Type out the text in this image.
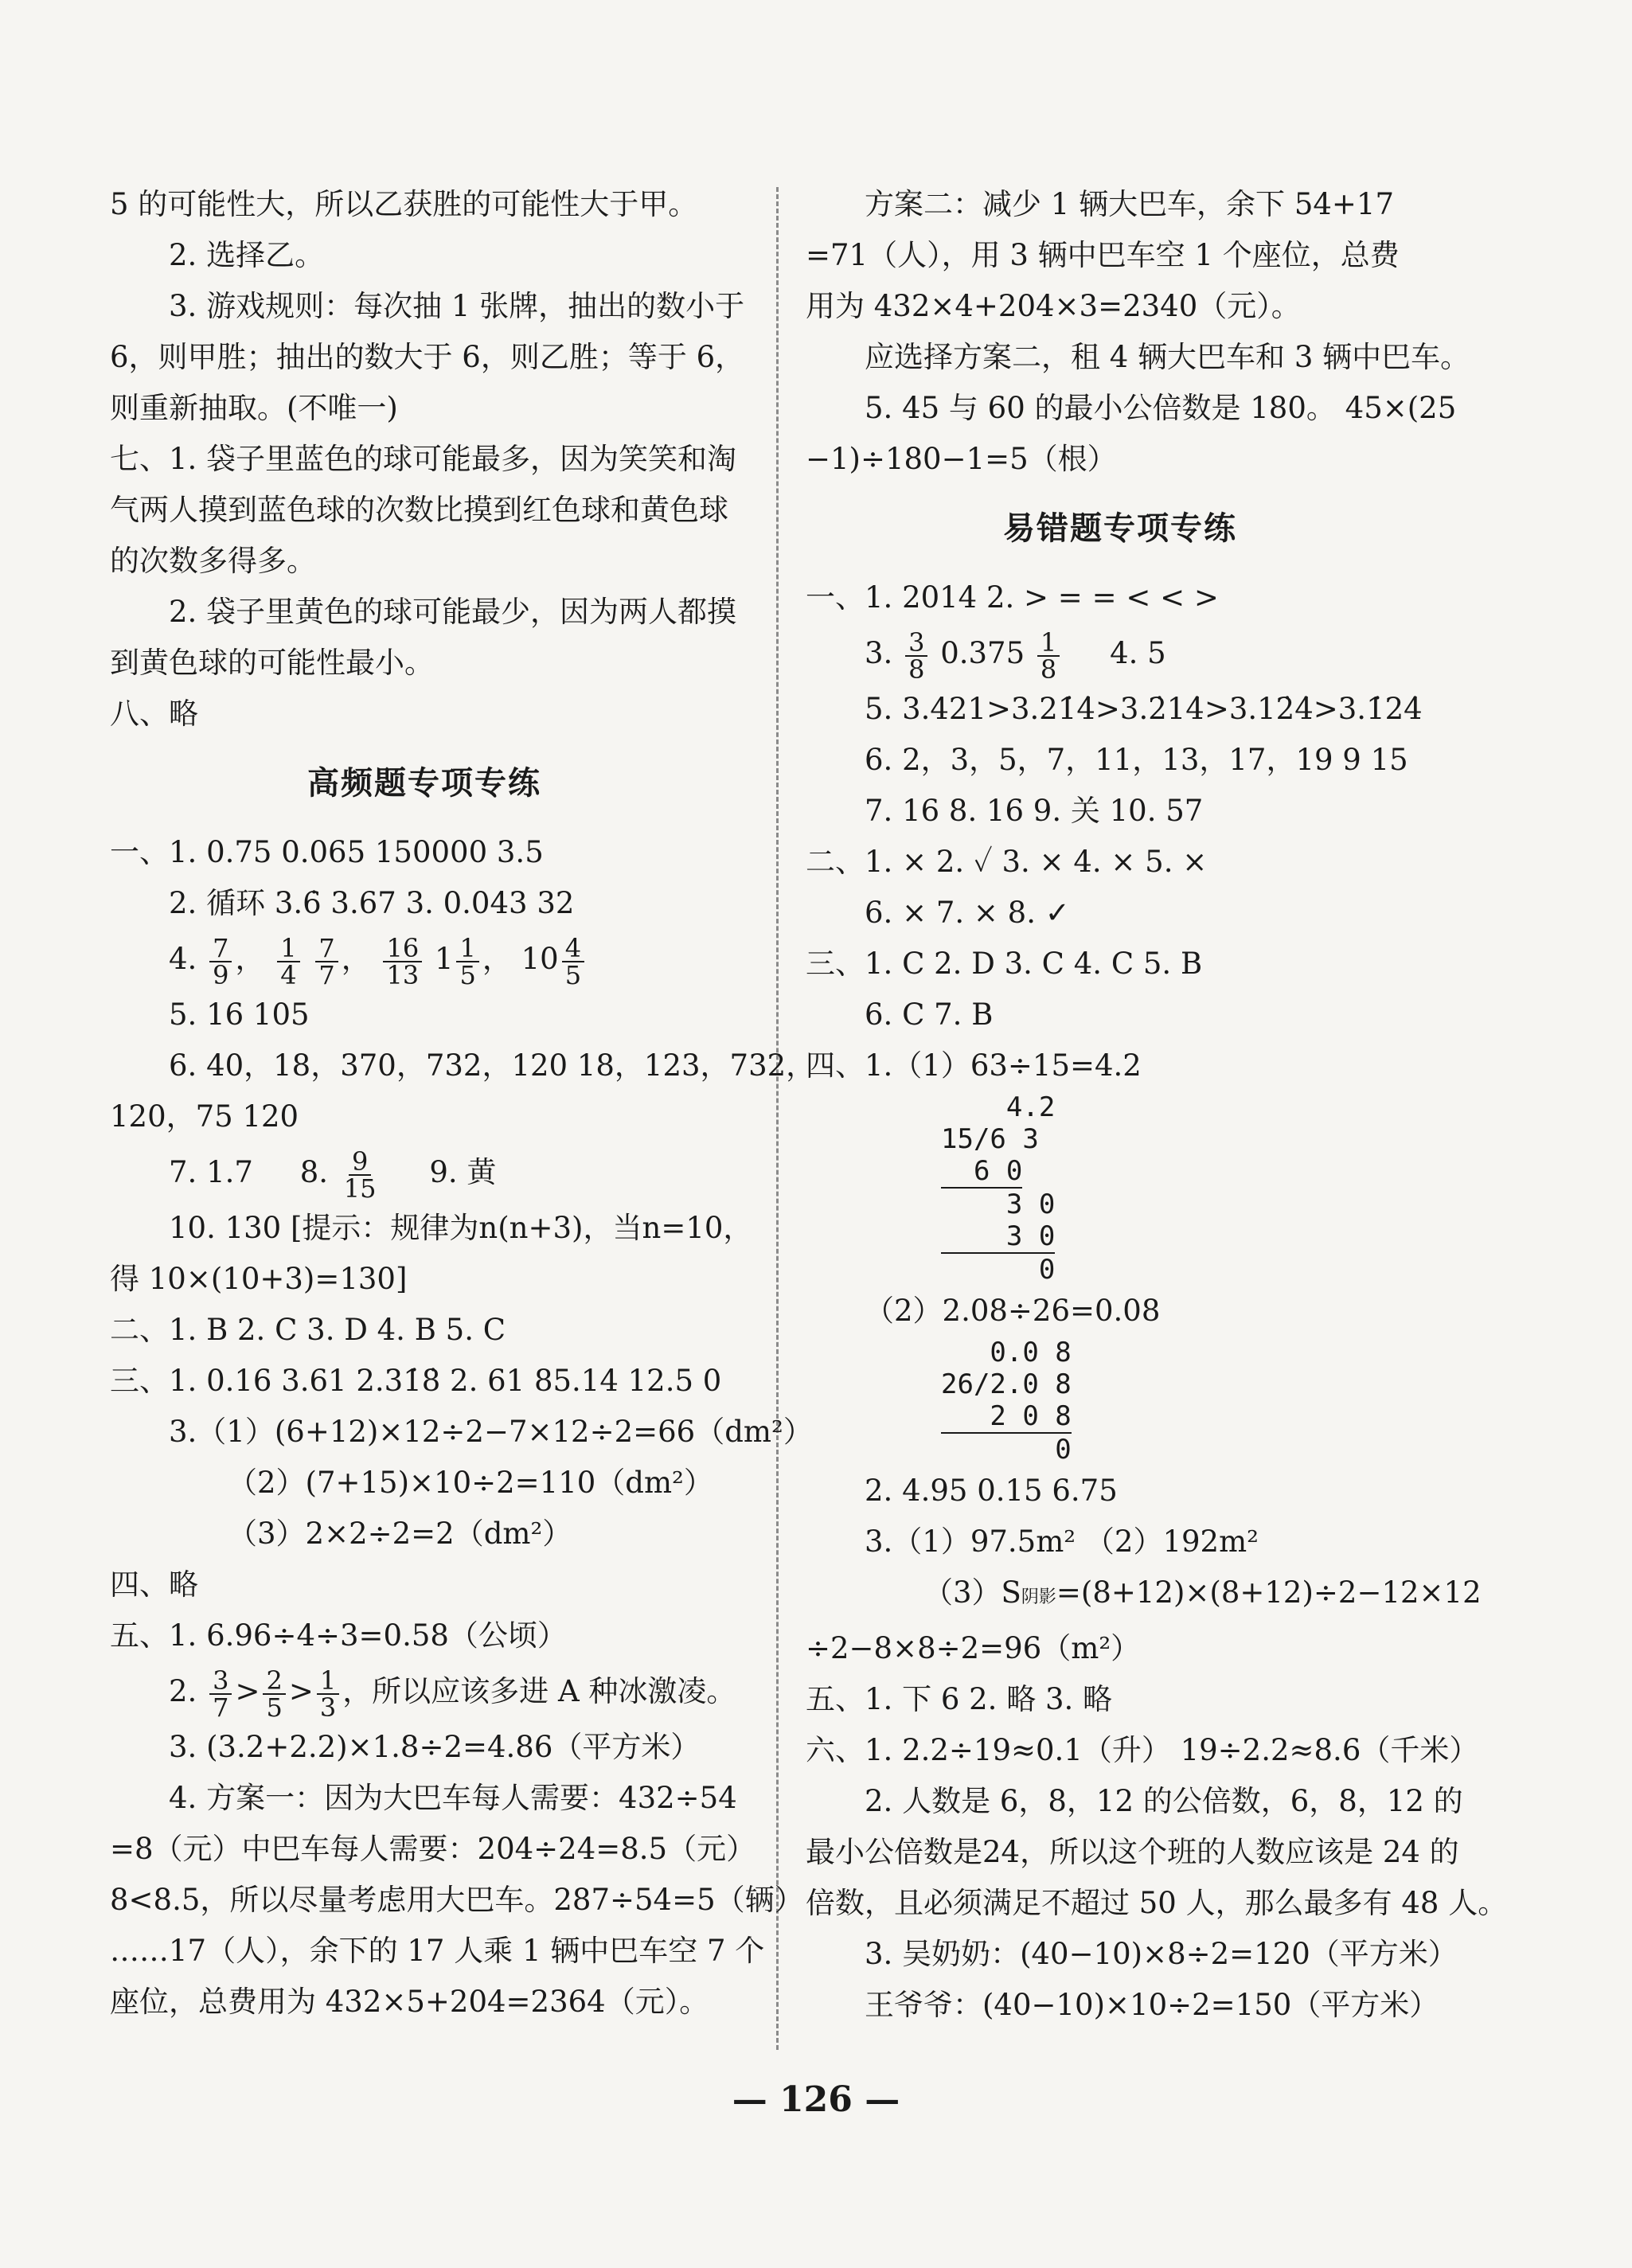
5 的可能性大，所以乙获胜的可能性大于甲。
2. 选择乙。
3. 游戏规则：每次抽 1 张牌，抽出的数小于
6，则甲胜；抽出的数大于 6，则乙胜；等于 6，
则重新抽取。(不唯一)
七、1. 袋子里蓝色的球可能最多，因为笑笑和淘
气两人摸到蓝色球的次数比摸到红色球和黄色球
的次数多得多。
2. 袋子里黄色的球可能最少，因为两人都摸
到黄色球的可能性最小。
八、略
高频题专项专练
一、1. 0.75 0.065 150000 3.5
2. 循环 3.6̇ 3.67 3. 0.043 32
4. $\frac{7}{9}$ ， $\frac{1}{4}$
$\frac{7}{7}$ ， $\frac{16}{13} 1 \frac{1}{5}$ ， $10 \frac{4}{5}$
5. 16 105
6. 40，18，370，732，120 18，123，732，
120，75 120
7. 1.7 8. $\frac{9}{15} 9$. 黄
10. 130 [提示：规律为n(n+3)，当n=10，
得 10×(10+3)=130]
二、1. B 2. C 3. D 4. B 5. C
三、1. 0.16 3.61 2.31̇8̇ 2. 61 85.14 12.5 0
3.（1）(6+12)×12÷2−7×12÷2=66（dm²）
（2）(7+15)×10÷2=110（dm²）
（3）2×2÷2=2（dm²）
四、略
五、1. 6.96÷4÷3=0.58（公顷）
2. $\frac{3}{7} > \frac{2}{5} > \frac{1}{3}$ ，所以应该多进 A 种冰激凌。
3. (3.2+2.2)×1.8÷2=4.86（平方米）
4. 方案一：因为大巴车每人需要：432÷54
=8（元）中巴车每人需要：204÷24=8.5（元）
8<8.5，所以尽量考虑用大巴车。287÷54=5（辆）
……17（人），余下的 17 人乘 1 辆中巴车空 7 个
座位，总费用为 432×5+204=2364（元）。
方案二：减少 1 辆大巴车，余下 54+17
=71（人），用 3 辆中巴车空 1 个座位，总费
用为 432×4+204×3=2340（元）。
应选择方案二，租 4 辆大巴车和 3 辆中巴车。
5. 45 与 60 的最小公倍数是 180。 45×(25
−1)÷180−1=5（根）
易错题专项专练
一、1. 2014 2. > = = < < >
3. $\frac{3}{8} 0.375 \frac{1}{8} 4$. 5
5. 3.421>3.21̇4̇>3.2̇14̇>3.12̇4̇>3.1̇24̇
6. 2，3，5，7，11，13，17，19 9 15
7. 16 8. 16 9. 关 10. 57
二、1. × 2. ✓ 3. × 4. × 5. ×
6. × 7. × 8. ✓
三、1. C 2. D 3. C 4. C 5. B
6. C 7. B
四、1.（1）63÷15=4.2
4.2
15/6 3
6 0
3 0
3 0
0
（2）2.08÷26=0.08
0.0 8
26/2.0 8
2 0 8
0
2. 4.95 0.15 6.75
3.（1）97.5m² （2）192m²
（3）S阴影=(8+12)×(8+12)÷2−12×12
÷2−8×8÷2=96（m²）
五、1. 下 6 2. 略 3. 略
六、1. 2.2÷19≈0.1（升） 19÷2.2≈8.6（千米）
2. 人数是 6，8，12 的公倍数，6，8，12 的
最小公倍数是24，所以这个班的人数应该是 24 的
倍数，且必须满足不超过 50 人，那么最多有 48 人。
3. 吴奶奶：(40−10)×8÷2=120（平方米）
王爷爷：(40−10)×10÷2=150（平方米）
— 126 —
